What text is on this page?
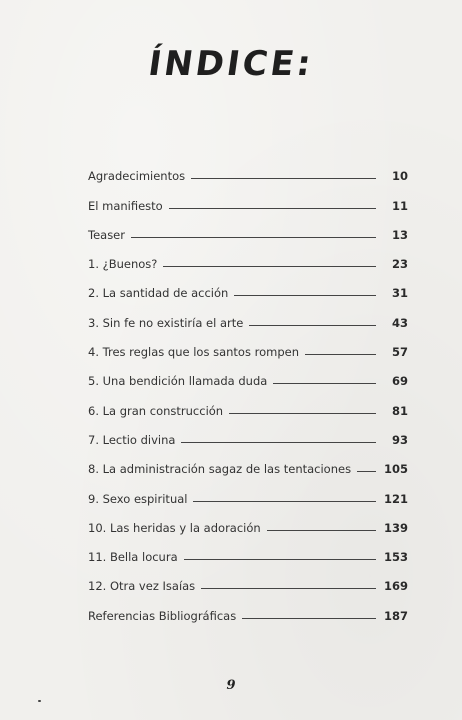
ÍNDICE:
Agradecimientos	10
El manifiesto	11
Teaser	13
1. ¿Buenos?	23
2. La santidad de acción	31
3. Sin fe no existiría el arte	43
4. Tres reglas que los santos rompen	57
5. Una bendición llamada duda	69
6. La gran construcción	81
7. Lectio divina	93
8. La administración sagaz de las tentaciones	105
9. Sexo espiritual	121
10. Las heridas y la adoración	139
11. Bella locura	153
12. Otra vez Isaías	169
Referencias Bibliográficas	187
9
